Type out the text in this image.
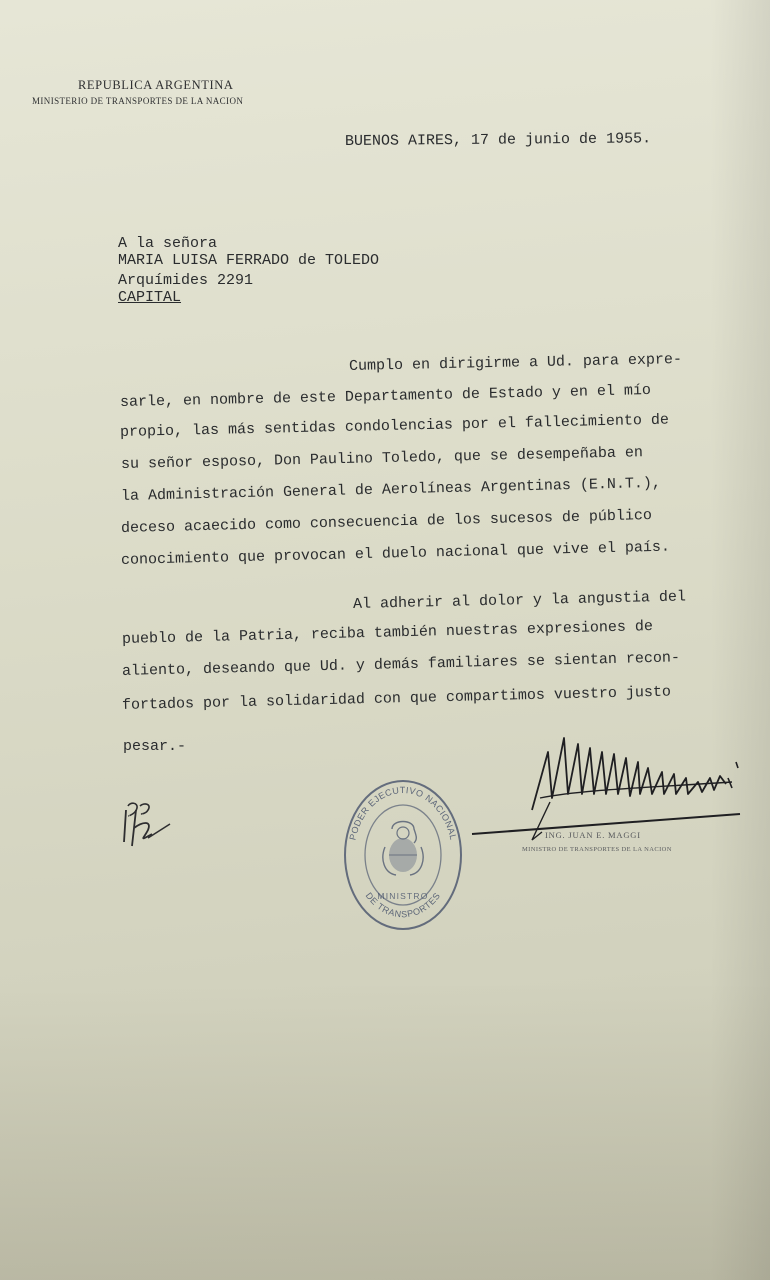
REPUBLICA ARGENTINA
MINISTERIO DE TRANSPORTES DE LA NACION
BUENOS AIRES, 17 de junio de 1955.
A la señora
MARIA LUISA FERRADO de TOLEDO
Arquímides 2291
CAPITAL
Cumplo en dirigirme a Ud. para expre-
sarle, en nombre de este Departamento de Estado y en el mío
propio, las más sentidas condolencias por el fallecimiento de
su señor esposo, Don Paulino Toledo, que se desempeñaba en
la Administración General de Aerolíneas Argentinas (E.N.T.),
deceso acaecido como consecuencia de los sucesos de público
conocimiento que provocan el duelo nacional que vive el país.
Al adherir al dolor y la angustia del
pueblo de la Patria, reciba también nuestras expresiones de
aliento, deseando que Ud. y demás familiares se sientan recon-
fortados por la solidaridad con que compartimos vuestro justo
pesar.-
PODER EJECUTIVO NACIONAL
DE TRANSPORTES
MINISTRO
ING. JUAN E. MAGGI
MINISTRO DE TRANSPORTES DE LA NACION
